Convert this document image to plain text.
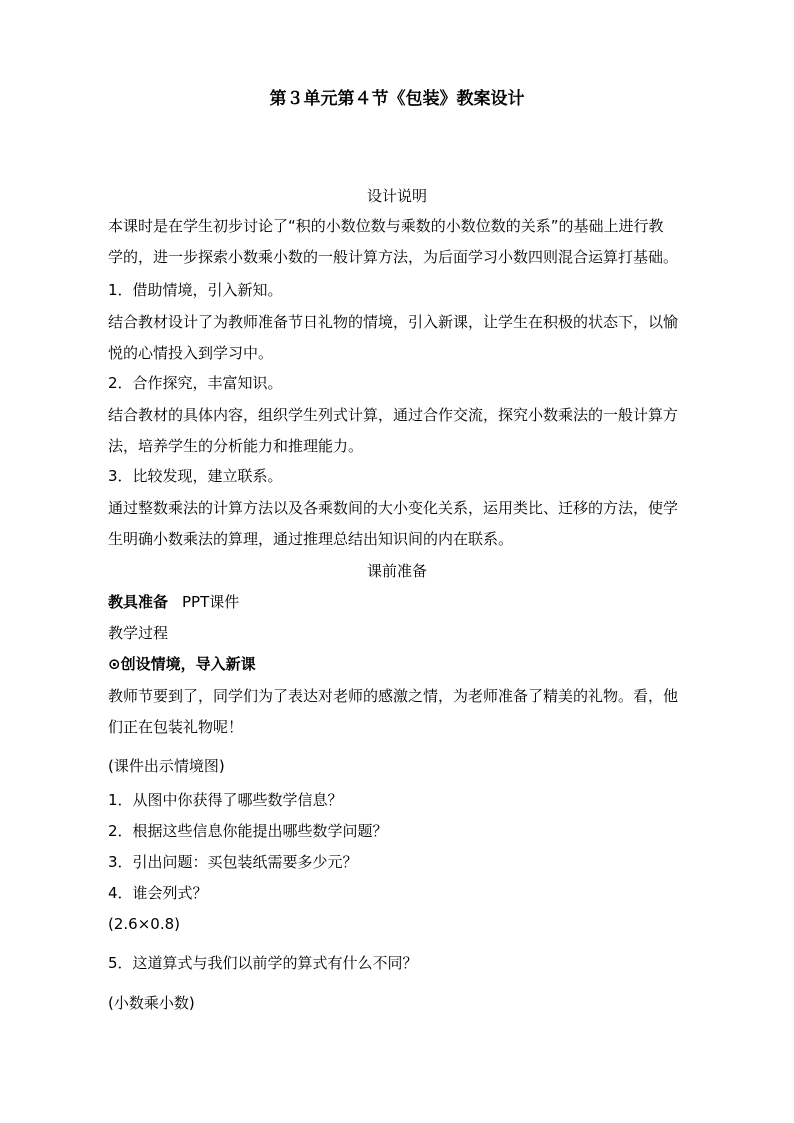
第３单元第４节《包装》教案设计
设计说明
本课时是在学生初步讨论了“积的小数位数与乘数的小数位数的关系”的基础上进行教
学的，进一步探索小数乘小数的一般计算方法，为后面学习小数四则混合运算打基础。
1．借助情境，引入新知。
结合教材设计了为教师准备节日礼物的情境，引入新课，让学生在积极的状态下，以愉
悦的心情投入到学习中。
2．合作探究，丰富知识。
结合教材的具体内容，组织学生列式计算，通过合作交流，探究小数乘法的一般计算方
法，培养学生的分析能力和推理能力。
3．比较发现，建立联系。
通过整数乘法的计算方法以及各乘数间的大小变化关系，运用类比、迁移的方法，使学
生明确小数乘法的算理，通过推理总结出知识间的内在联系。
课前准备
教具准备 PPT课件
教学过程
⊙创设情境，导入新课
教师节要到了，同学们为了表达对老师的感激之情，为老师准备了精美的礼物。看，他
们正在包装礼物呢！
(课件出示情境图)
1．从图中你获得了哪些数学信息？
2．根据这些信息你能提出哪些数学问题？
3．引出问题：买包装纸需要多少元？
4．谁会列式？
(2.6×0.8)
5．这道算式与我们以前学的算式有什么不同？
(小数乘小数)
